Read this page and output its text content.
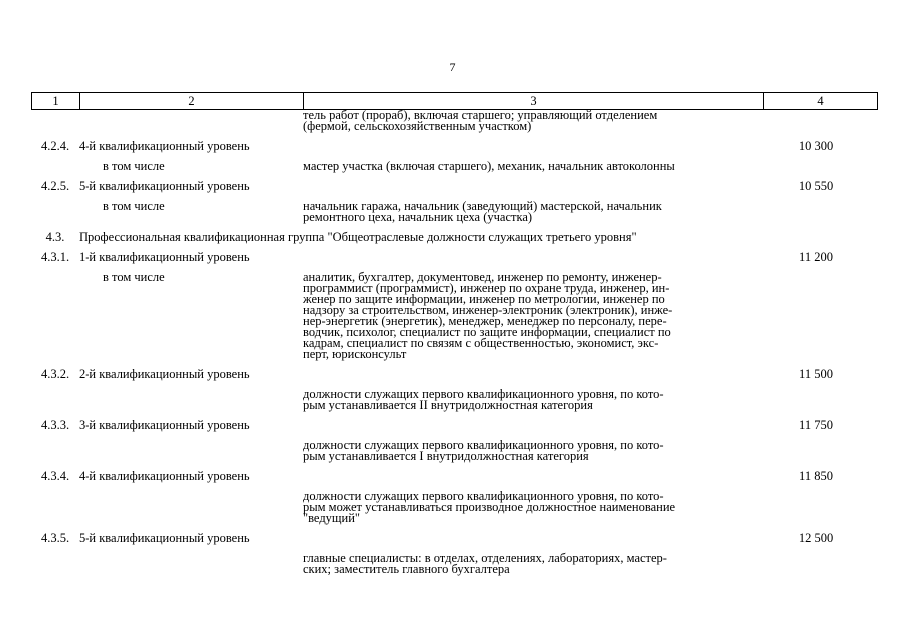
7
1	2	3	4
тель работ (прораб), включая старшего; управляющий отделением
(фермой, сельскохозяйственным участком)
4.2.4. 4-й квалификационный уровень	10 300
в том числе	мастер участка (включая старшего), механик, начальник автоколонны
4.2.5. 5-й квалификационный уровень	10 550
в том числе	начальник гаража, начальник (заведующий) мастерской, начальник
ремонтного цеха, начальник цеха (участка)
4.3.	Профессиональная квалификационная группа "Общеотраслевые должности служащих третьего уровня"
4.3.1. 1-й квалификационный уровень	11 200
в том числе	аналитик, бухгалтер, документовед, инженер по ремонту, инженер-
программист (программист), инженер по охране труда, инженер, ин-
женер по защите информации, инженер по метрологии, инженер по
надзору за строительством, инженер-электроник (электроник), инже-
нер-энергетик (энергетик), менеджер, менеджер по персоналу, пере-
водчик, психолог, специалист по защите информации, специалист по
кадрам, специалист по связям с общественностью, экономист, экс-
перт, юрисконсульт
4.3.2. 2-й квалификационный уровень	11 500
должности служащих первого квалификационного уровня, по кото-
рым устанавливается II внутридолжностная категория
4.3.3. 3-й квалификационный уровень	11 750
должности служащих первого квалификационного уровня, по кото-
рым устанавливается I внутридолжностная категория
4.3.4. 4-й квалификационный уровень	11 850
должности служащих первого квалификационного уровня, по кото-
рым может устанавливаться производное должностное наименование
"ведущий"
4.3.5. 5-й квалификационный уровень	12 500
главные специалисты: в отделах, отделениях, лабораториях, мастер-
ских; заместитель главного бухгалтера
